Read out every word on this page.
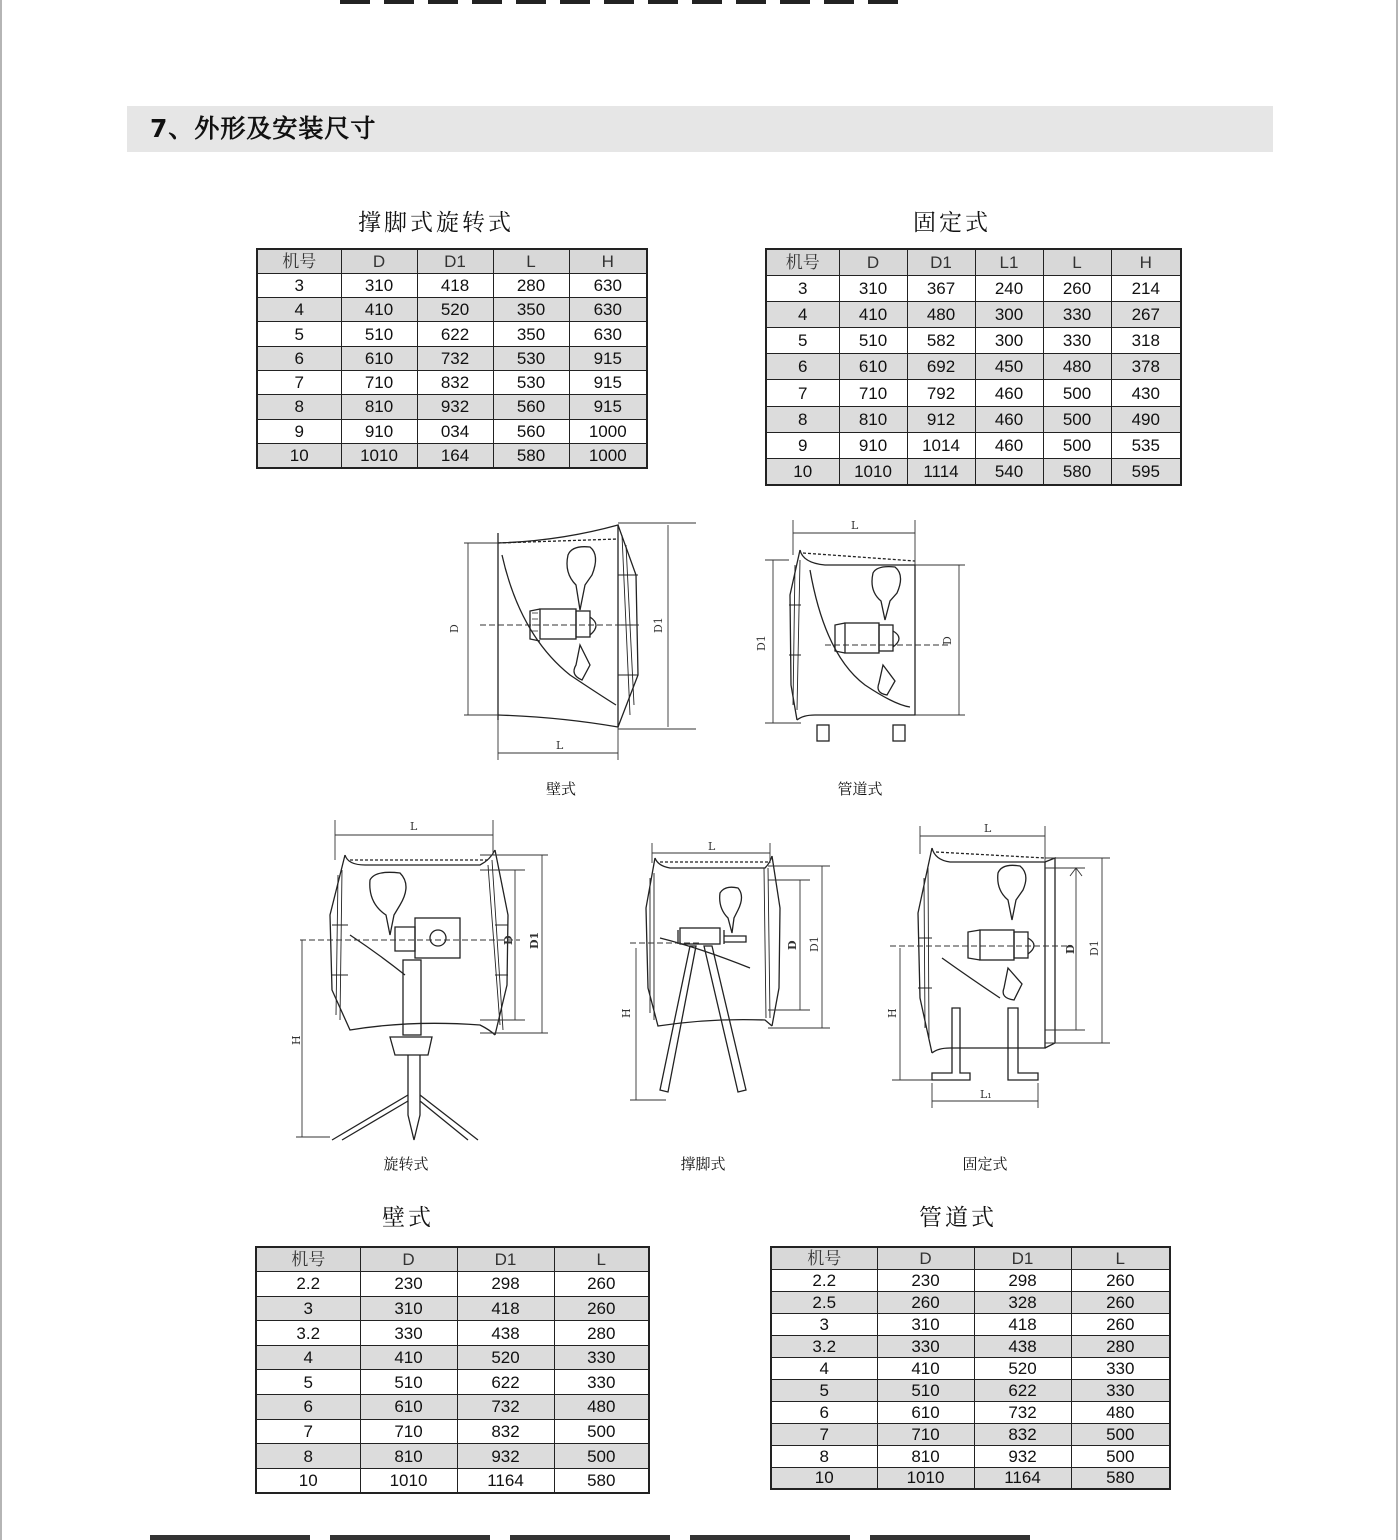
7、外形及安装尺寸
撑脚式旋转式
机号	D	D1	L	H
3	310	418	280	630
4	410	520	350	630
5	510	622	350	630
6	610	732	530	915
7	710	832	530	915
8	810	932	560	915
9	910	034	560	1000
10	1010	164	580	1000
固定式
机号	D	D1	L1	L	H
3	310	367	240	260	214
4	410	480	300	330	267
5	510	582	300	330	318
6	610	692	450	480	378
7	710	792	460	500	430
8	810	912	460	500	490
9	910	1014	460	500	535
10	1010	1114	540	580	595
壁式
机号	D	D1	L
2.2	230	298	260
3	310	418	260
3.2	330	438	280
4	410	520	330
5	510	622	330
6	610	732	480
7	710	832	500
8	810	932	500
10	1010	1164	580
管道式
机号	D	D1	L
2.2	230	298	260
2.5	260	328	260
3	310	418	260
3.2	330	438	280
4	410	520	330
5	510	622	330
6	610	732	480
7	710	832	500
8	810	932	500
10	1010	1164	580
D	D1
L
壁式
L
D1	D
管道式
L
D D1
H
旋转式
L
D D1
H
撑脚式
L
D D1
H
L₁
固定式
